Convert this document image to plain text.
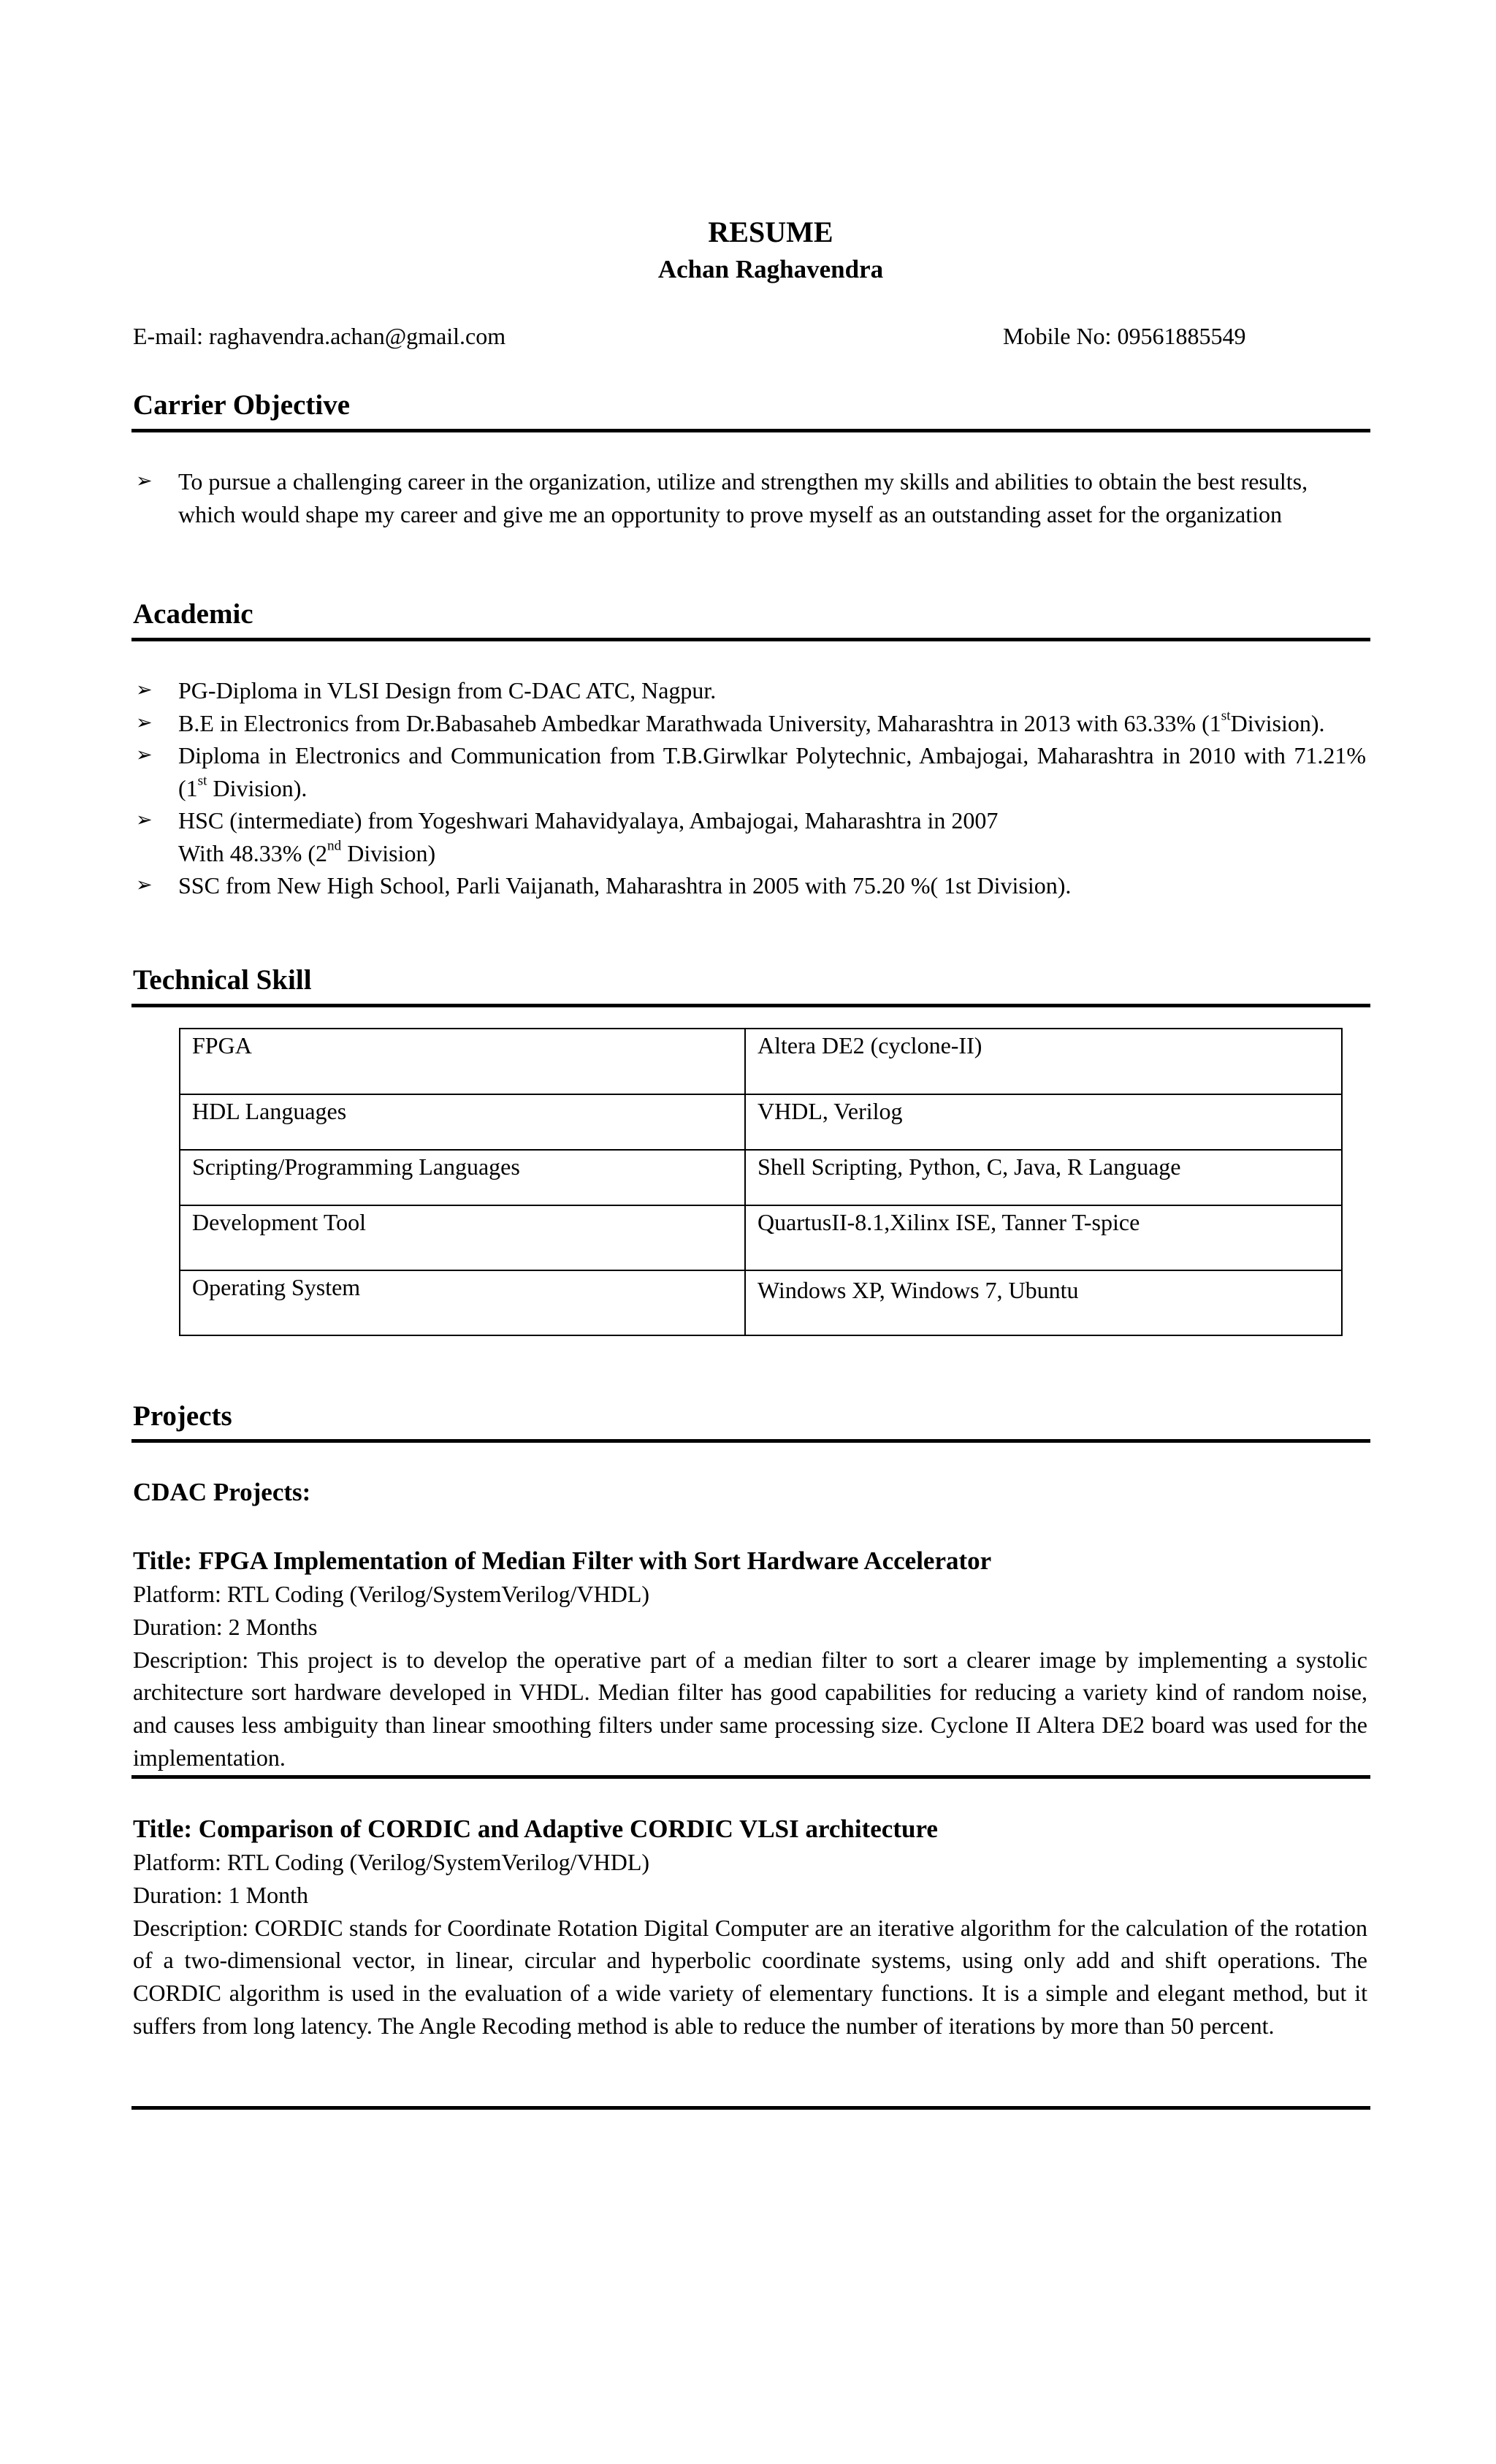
RESUME
Achan Raghavendra
E-mail: raghavendra.achan@gmail.com	Mobile No: 09561885549
Carrier Objective
➢ To pursue a challenging career in the organization, utilize and strengthen my skills and abilities to obtain the best results, which would shape my career and give me an opportunity to prove myself as an outstanding asset for the organization
Academic
➢ PG-Diploma in VLSI Design from C-DAC ATC, Nagpur.
➢ B.E in Electronics from Dr.Babasaheb Ambedkar Marathwada University, Maharashtra in 2013 with 63.33% (1stDivision).
➢ Diploma in Electronics and Communication from T.B.Girwlkar Polytechnic, Ambajogai, Maharashtra in 2010 with 71.21% (1st Division).
➢ HSC (intermediate) from Yogeshwari Mahavidyalaya, Ambajogai, Maharashtra in 2007
With 48.33% (2nd Division)
➢ SSC from New High School, Parli Vaijanath, Maharashtra in 2005 with 75.20 %( 1st Division).
Technical Skill
FPGA	Altera DE2 (cyclone-II)
HDL Languages	VHDL, Verilog
Scripting/Programming Languages	Shell Scripting, Python, C, Java, R Language
Development Tool	QuartusII-8.1,Xilinx ISE, Tanner T-spice
Operating System	Windows XP, Windows 7, Ubuntu
Projects
CDAC Projects:
Title: FPGA Implementation of Median Filter with Sort Hardware Accelerator
Platform: RTL Coding (Verilog/SystemVerilog/VHDL)
Duration: 2 Months
Description: This project is to develop the operative part of a median filter to sort a clearer image by implementing a systolic architecture sort hardware developed in VHDL. Median filter has good capabilities for reducing a variety kind of random noise, and causes less ambiguity than linear smoothing filters under same processing size. Cyclone II Altera DE2 board was used for the implementation.
Title: Comparison of CORDIC and Adaptive CORDIC VLSI architecture
Platform: RTL Coding (Verilog/SystemVerilog/VHDL)
Duration: 1 Month
Description: CORDIC stands for Coordinate Rotation Digital Computer are an iterative algorithm for the calculation of the rotation of a two-dimensional vector, in linear, circular and hyperbolic coordinate systems, using only add and shift operations. The CORDIC algorithm is used in the evaluation of a wide variety of elementary functions. It is a simple and elegant method, but it suffers from long latency. The Angle Recoding method is able to reduce the number of iterations by more than 50 percent.
